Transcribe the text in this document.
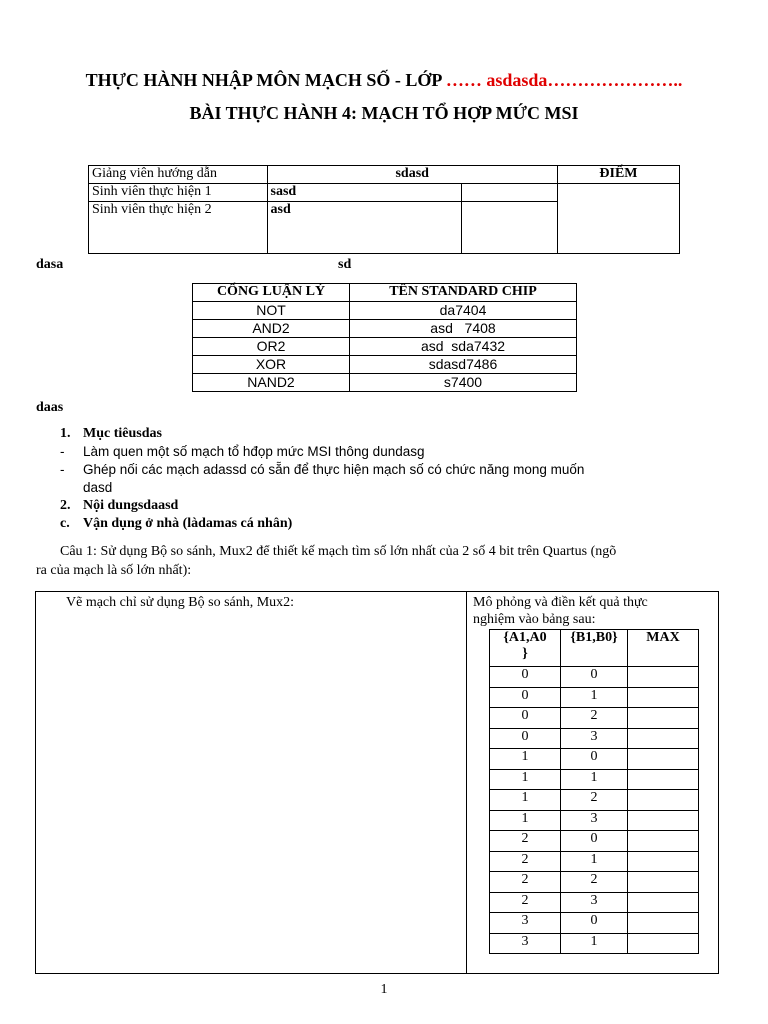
THỰC HÀNH NHẬP MÔN MẠCH SỐ - LỚP …… asdasda…………………..
BÀI THỰC HÀNH 4: MẠCH TỔ HỢP MỨC MSI
Giảng viên hướng dẫn	sdasd		ĐIỂM
Sinh viên thực hiện 1	sasd		
Sinh viên thực hiện 2	asd		
dasa	sd
CỔNG LUẬN LÝ	TÊN STANDARD CHIP
NOT	da7404
AND2	asd   7408
OR2	asd  sda7432
XOR	sdasd7486
NAND2	s7400
daas
1. Mục tiêusdas
-	Làm quen một số mạch tổ hđọp mức MSI thông dundasg
-	Ghép nối các mạch adassd có sẵn để thực hiện mạch số có chức năng mong muốn
dasd
2. Nội dungsdaasd
c. Vận dụng ở nhà (làdamas cá nhân)
Câu 1: Sử dụng Bộ so sánh, Mux2 để thiết kế mạch tìm số lớn nhất của 2 số 4 bit trên Quartus (ngõ
ra của mạch là số lớn nhất):
Vẽ mạch chỉ sử dụng Bộ so sánh, Mux2:	Mô phỏng và điền kết quả thực
nghiệm vào bảng sau:
{A1,A0
}	{B1,B0}	MAX
0	0	
0	1	
0	2	
0	3	
1	0	
1	1	
1	2	
1	3	
2	0	
2	1	
2	2	
2	3	
3	0	
3	1	
1
